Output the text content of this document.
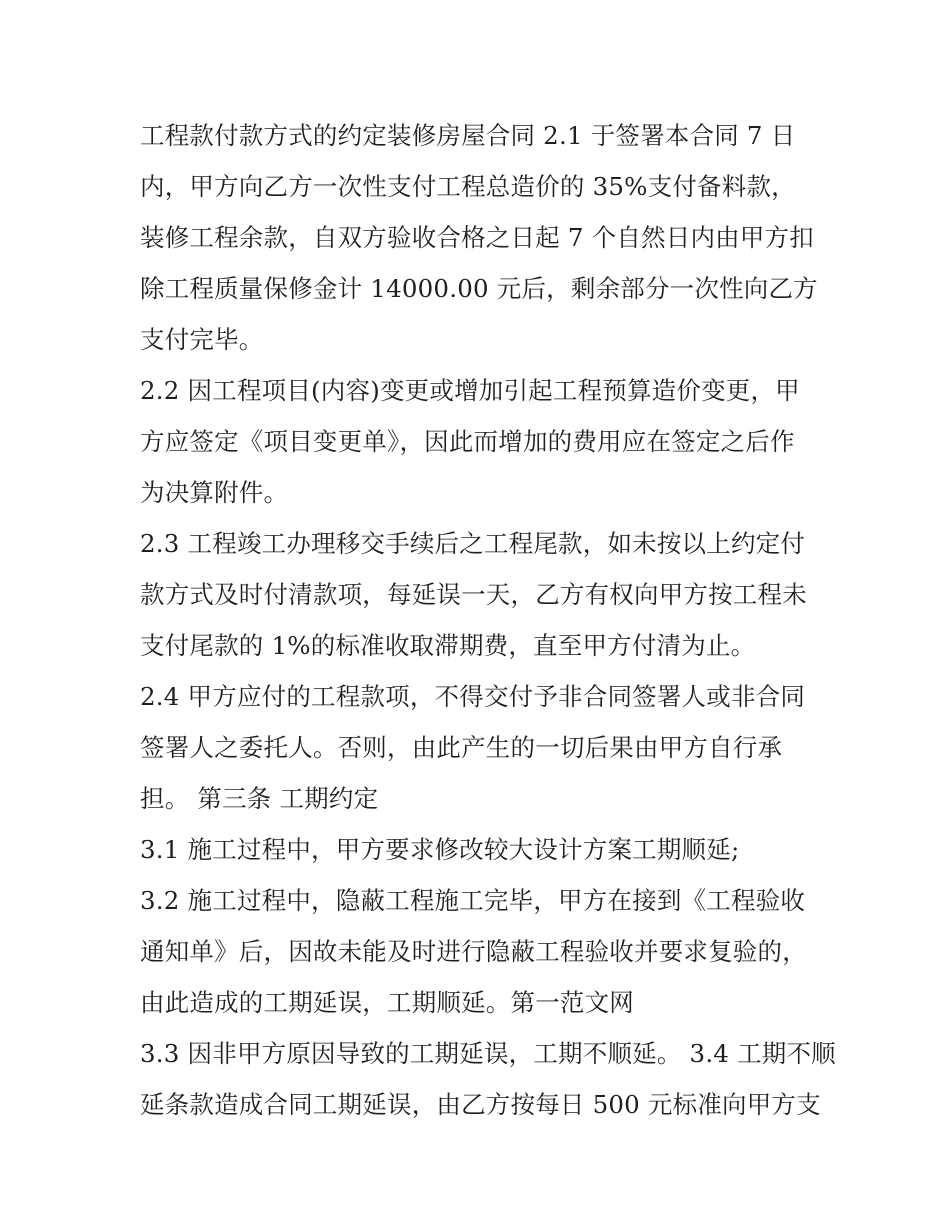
工程款付款方式的约定装修房屋合同 2.1 于签署本合同 7 日
内，甲方向乙方一次性支付工程总造价的 35%支付备料款，
装修工程余款，自双方验收合格之日起 7 个自然日内由甲方扣
除工程质量保修金计 14000.00 元后，剩余部分一次性向乙方
支付完毕。
2.2 因工程项目(内容)变更或增加引起工程预算造价变更，甲
方应签定《项目变更单》，因此而增加的费用应在签定之后作
为决算附件。
2.3 工程竣工办理移交手续后之工程尾款，如未按以上约定付
款方式及时付清款项，每延误一天，乙方有权向甲方按工程未
支付尾款的 1%的标准收取滞期费，直至甲方付清为止。
2.4 甲方应付的工程款项，不得交付予非合同签署人或非合同
签署人之委托人。否则，由此产生的一切后果由甲方自行承
担。 第三条 工期约定
3.1 施工过程中，甲方要求修改较大设计方案工期顺延;
3.2 施工过程中，隐蔽工程施工完毕，甲方在接到《工程验收
通知单》后，因故未能及时进行隐蔽工程验收并要求复验的，
由此造成的工期延误，工期顺延。第一范文网
3.3 因非甲方原因导致的工期延误，工期不顺延。 3.4 工期不顺
延条款造成合同工期延误，由乙方按每日 500 元标准向甲方支
